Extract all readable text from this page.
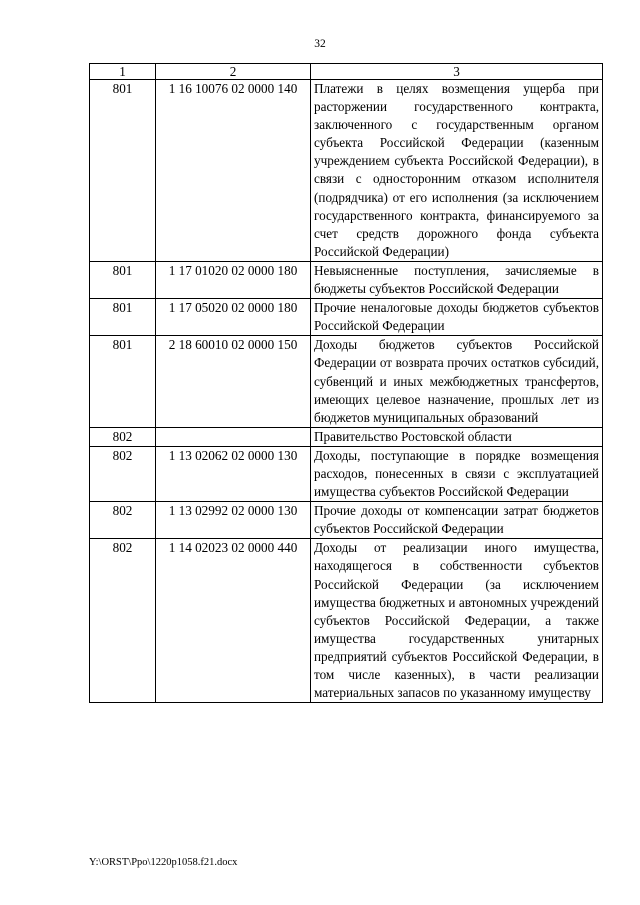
32
1	2	3
801	1 16 10076 02 0000 140	Платежи в целях возмещения ущерба при расторжении государственного контракта, заключенного с государственным органом субъекта Российской Федерации (казенным учреждением субъекта Российской Федерации), в связи с односторонним отказом исполнителя (подрядчика) от его исполнения (за исключением государственного контракта, финансируемого за счет средств дорожного фонда субъекта Российской Федерации)
801	1 17 01020 02 0000 180	Невыясненные поступления, зачисляемые в бюджеты субъектов Российской Федерации
801	1 17 05020 02 0000 180	Прочие неналоговые доходы бюджетов субъектов Российской Федерации
801	2 18 60010 02 0000 150	Доходы бюджетов субъектов Российской Федерации от возврата прочих остатков субсидий, субвенций и иных межбюджетных трансфертов, имеющих целевое назначение, прошлых лет из бюджетов муниципальных образований
802		Правительство Ростовской области
802	1 13 02062 02 0000 130	Доходы, поступающие в порядке возмещения расходов, понесенных в связи с эксплуатацией имущества субъектов Российской Федерации
802	1 13 02992 02 0000 130	Прочие доходы от компенсации затрат бюджетов субъектов Российской Федерации
802	1 14 02023 02 0000 440	Доходы от реализации иного имущества, находящегося в собственности субъектов Российской Федерации (за исключением имущества бюджетных и автономных учреждений субъектов Российской Федерации, а также имущества государственных унитарных предприятий субъектов Российской Федерации, в том числе казенных), в части реализации материальных запасов по указанному имуществу
Y:\ORST\Ppo\1220p1058.f21.docx
